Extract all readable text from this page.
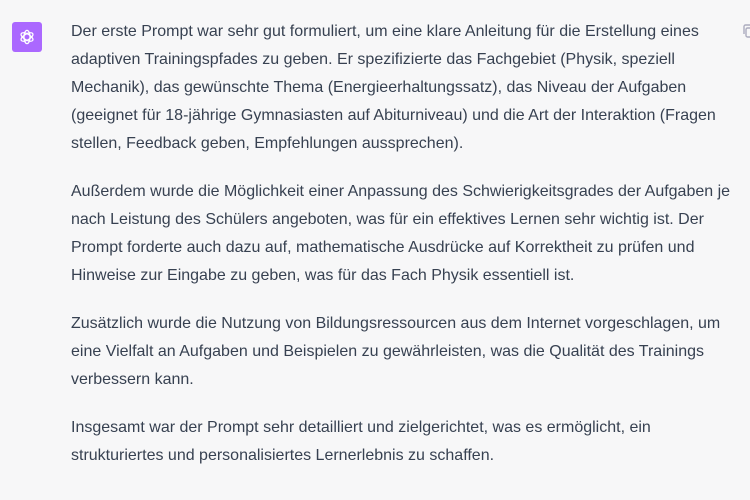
Der erste Prompt war sehr gut formuliert, um eine klare Anleitung für die Erstellung eines adaptiven Trainingspfades zu geben. Er spezifizierte das Fachgebiet (Physik, speziell Mechanik), das gewünschte Thema (Energieerhaltungssatz), das Niveau der Aufgaben (geeignet für 18-jährige Gymnasiasten auf Abiturniveau) und die Art der Interaktion (Fragen stellen, Feedback geben, Empfehlungen aussprechen).

Außerdem wurde die Möglichkeit einer Anpassung des Schwierigkeitsgrades der Aufgaben je nach Leistung des Schülers angeboten, was für ein effektives Lernen sehr wichtig ist. Der Prompt forderte auch dazu auf, mathematische Ausdrücke auf Korrektheit zu prüfen und Hinweise zur Eingabe zu geben, was für das Fach Physik essentiell ist.

Zusätzlich wurde die Nutzung von Bildungsressourcen aus dem Internet vorgeschlagen, um eine Vielfalt an Aufgaben und Beispielen zu gewährleisten, was die Qualität des Trainings verbessern kann.

Insgesamt war der Prompt sehr detailliert und zielgerichtet, was es ermöglicht, ein strukturiertes und personalisiertes Lernerlebnis zu schaffen.
